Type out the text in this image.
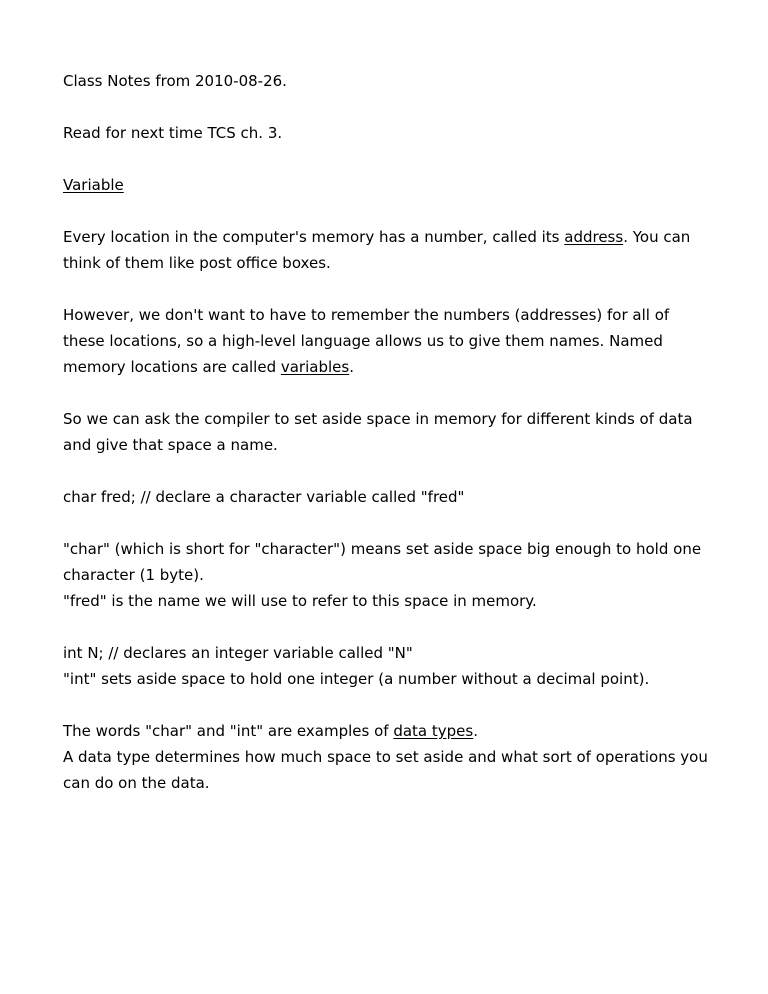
Class Notes from 2010-08-26.

Read for next time TCS ch. 3.

Variable

Every location in the computer's memory has a number, called its address. You can think of them like post office boxes.

However, we don't want to have to remember the numbers (addresses) for all of these locations, so a high-level language allows us to give them names. Named memory locations are called variables.

So we can ask the compiler to set aside space in memory for different kinds of data and give that space a name.

char fred; // declare a character variable called "fred"

"char" (which is short for "character") means set aside space big enough to hold one character (1 byte).

"fred" is the name we will use to refer to this space in memory.

int N; // declares an integer variable called "N"

"int" sets aside space to hold one integer (a number without a decimal point).

The words "char" and "int" are examples of data types.

A data type determines how much space to set aside and what sort of operations you can do on the data.
